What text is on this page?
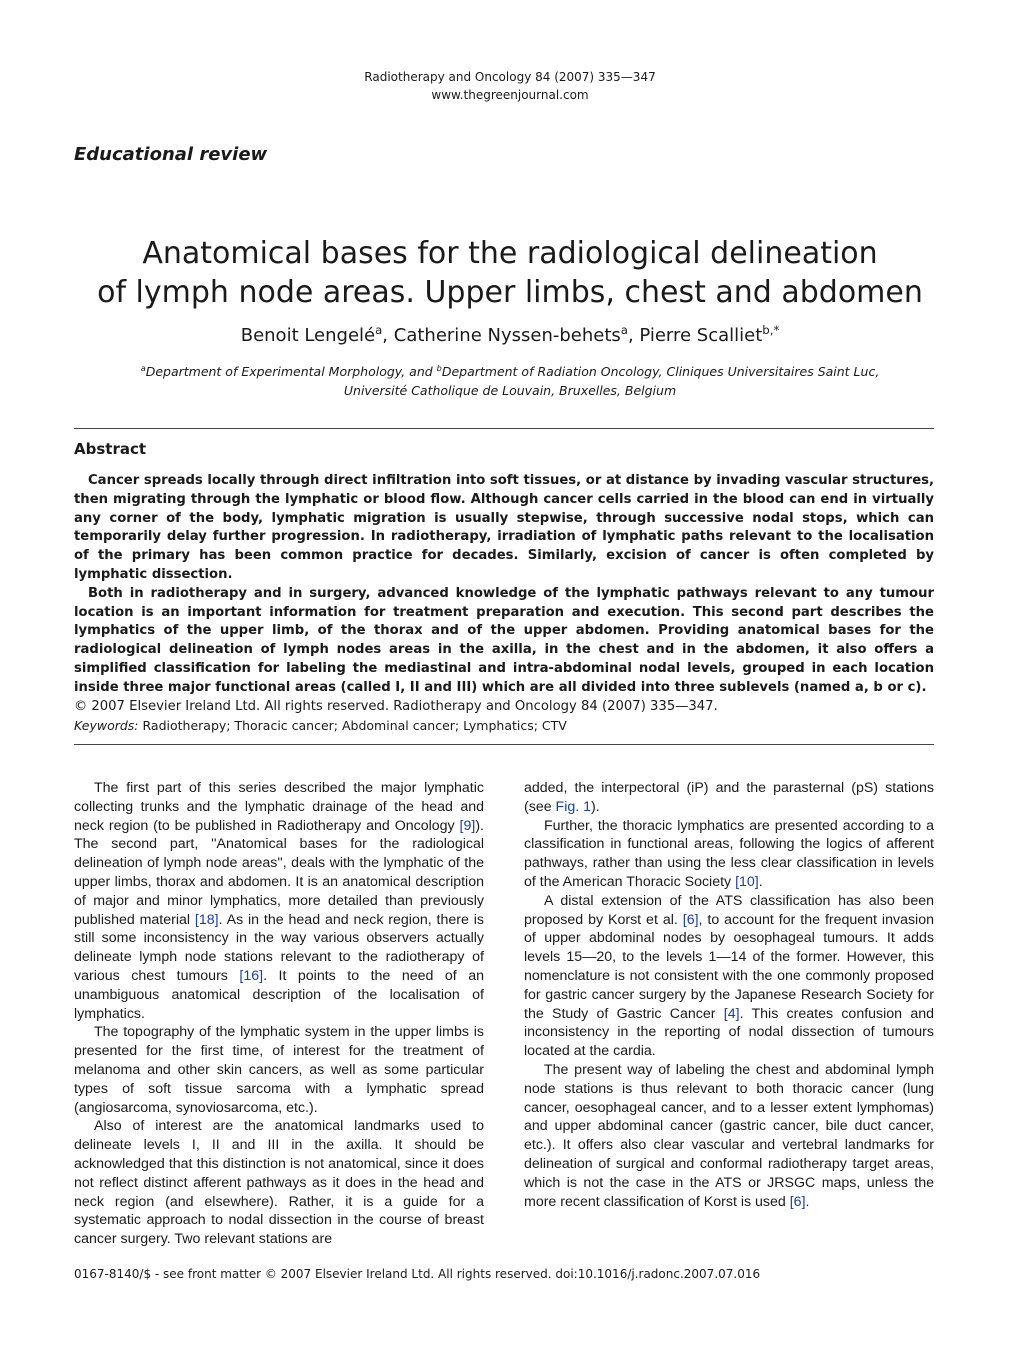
Radiotherapy and Oncology 84 (2007) 335—347
www.thegreenjournal.com
Educational review
Anatomical bases for the radiological delineation
of lymph node areas. Upper limbs, chest and abdomen
Benoit Lengelé$^a$, Catherine Nyssen-behets$^a$, Pierre Scalliet$^{b,*}$
$^a$Department of Experimental Morphology, and $^b$Department of Radiation Oncology, Cliniques Universitaires Saint Luc,
Université Catholique de Louvain, Bruxelles, Belgium
Abstract

Cancer spreads locally through direct infiltration into soft tissues, or at distance by invading vascular structures, then migrating through the lymphatic or blood flow. Although cancer cells carried in the blood can end in virtually any corner of the body, lymphatic migration is usually stepwise, through successive nodal stops, which can temporarily delay further progression. In radiotherapy, irradiation of lymphatic paths relevant to the localisation of the primary has been common practice for decades. Similarly, excision of cancer is often completed by lymphatic dissection.

Both in radiotherapy and in surgery, advanced knowledge of the lymphatic pathways relevant to any tumour location is an important information for treatment preparation and execution. This second part describes the lymphatics of the upper limb, of the thorax and of the upper abdomen. Providing anatomical bases for the radiological delineation of lymph nodes areas in the axilla, in the chest and in the abdomen, it also offers a simplified classification for labeling the mediastinal and intra-abdominal nodal levels, grouped in each location inside three major functional areas (called I, II and III) which are all divided into three sublevels (named a, b or c).

© 2007 Elsevier Ireland Ltd. All rights reserved. Radiotherapy and Oncology 84 (2007) 335—347.

Keywords: Radiotherapy; Thoracic cancer; Abdominal cancer; Lymphatics; CTV

The first part of this series described the major lymphatic collecting trunks and the lymphatic drainage of the head and neck region (to be published in Radiotherapy and Oncology [9]). The second part, ''Anatomical bases for the radiological delineation of lymph node areas'', deals with the lymphatic of the upper limbs, thorax and abdomen. It is an anatomical description of major and minor lymphatics, more detailed than previously published material [18]. As in the head and neck region, there is still some inconsistency in the way various observers actually delineate lymph node stations relevant to the radiotherapy of various chest tumours [16]. It points to the need of an unambiguous anatomical description of the localisation of lymphatics.

The topography of the lymphatic system in the upper limbs is presented for the first time, of interest for the treatment of melanoma and other skin cancers, as well as some particular types of soft tissue sarcoma with a lymphatic spread (angiosarcoma, synoviosarcoma, etc.).

Also of interest are the anatomical landmarks used to delineate levels I, II and III in the axilla. It should be acknowledged that this distinction is not anatomical, since it does not reflect distinct afferent pathways as it does in the head and neck region (and elsewhere). Rather, it is a guide for a systematic approach to nodal dissection in the course of breast cancer surgery. Two relevant stations are

added, the interpectoral (iP) and the parasternal (pS) stations (see Fig. 1).

Further, the thoracic lymphatics are presented according to a classification in functional areas, following the logics of afferent pathways, rather than using the less clear classification in levels of the American Thoracic Society [10].

A distal extension of the ATS classification has also been proposed by Korst et al. [6], to account for the frequent invasion of upper abdominal nodes by oesophageal tumours. It adds levels 15—20, to the levels 1—14 of the former. However, this nomenclature is not consistent with the one commonly proposed for gastric cancer surgery by the Japanese Research Society for the Study of Gastric Cancer [4]. This creates confusion and inconsistency in the reporting of nodal dissection of tumours located at the cardia.

The present way of labeling the chest and abdominal lymph node stations is thus relevant to both thoracic cancer (lung cancer, oesophageal cancer, and to a lesser extent lymphomas) and upper abdominal cancer (gastric cancer, bile duct cancer, etc.). It offers also clear vascular and vertebral landmarks for delineation of surgical and conformal radiotherapy target areas, which is not the case in the ATS or JRSGC maps, unless the more recent classification of Korst is used [6].

0167-8140/$ - see front matter © 2007 Elsevier Ireland Ltd. All rights reserved. doi:10.1016/j.radonc.2007.07.016
